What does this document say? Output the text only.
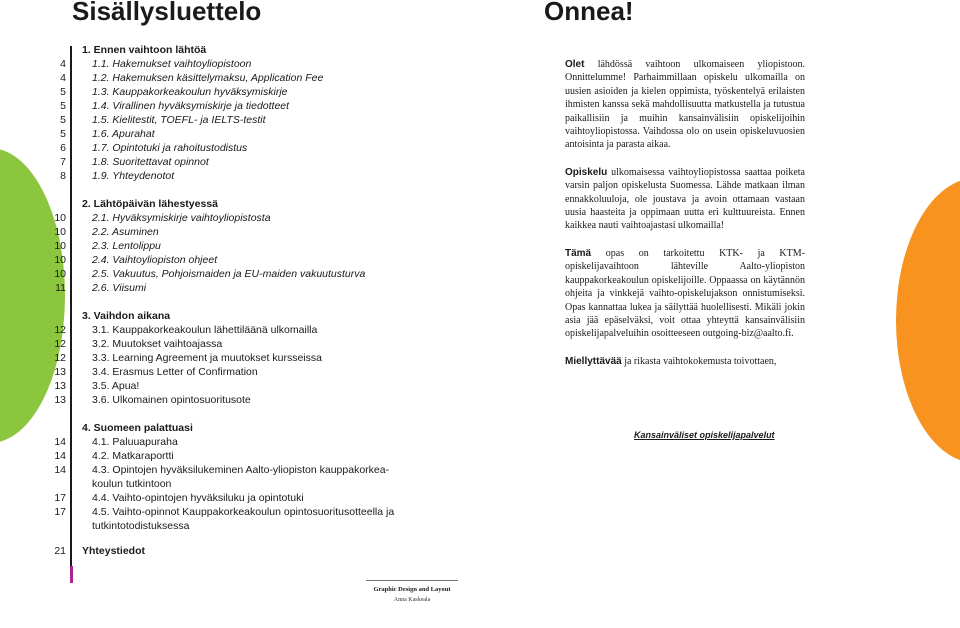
Sisällysluettelo	Onnea!
1. Ennen vaihtoon lähtöä
4 1.1. Hakemukset vaihtoyliopistoon
4 1.2. Hakemuksen käsittelymaksu, Application Fee
5 1.3. Kauppakorkeakoulun hyväksymiskirje
5 1.4. Virallinen hyväksymiskirje ja tiedotteet
5 1.5. Kielitestit, TOEFL- ja IELTS-testit
5 1.6. Apurahat
6 1.7. Opintotuki ja rahoitustodistus
7 1.8. Suoritettavat opinnot
8 1.9. Yhteydenotot
2. Lähtöpäivän lähestyessä
10 2.1. Hyväksymiskirje vaihtoyliopistosta
10 2.2. Asuminen
10 2.3. Lentolippu
10 2.4. Vaihtoyliopiston ohjeet
10 2.5. Vakuutus, Pohjoismaiden ja EU-maiden vakuutusturva
11 2.6. Viisumi
3. Vaihdon aikana
12 3.1. Kauppakorkeakoulun lähettiläänä ulkomailla
12 3.2. Muutokset vaihtoajassa
12 3.3. Learning Agreement ja muutokset kursseissa
13 3.4. Erasmus Letter of Confirmation
13 3.5. Apua!
13 3.6. Ulkomainen opintosuoritusote
4. Suomeen palattuasi
14 4.1. Paluuapuraha
14 4.2. Matkaraportti
14 4.3. Opintojen hyväksilukeminen Aalto-yliopiston kauppakorkea-
koulun tutkintoon
17 4.4. Vaihto-opintojen hyväksiluku ja opintotuki
17 4.5. Vaihto-opinnot Kauppakorkeakoulun opintosuoritusotteella ja
tutkintotodistuksessa
21 Yhteystiedot

Olet lähdössä vaihtoon ulkomaiseen yliopistoon. Onnittelumme! Parhaimmillaan opiskelu ulkomailla on uusien asioiden ja kielen oppimista, työskentelyä erilaisten ihmisten kanssa sekä mahdollisuutta matkustella ja tutustua paikallisiin ja muihin kansainvälisiin opiskelijoihin vaihtoyliopistossa. Vaihdossa olo on usein opiskeluvuosien antoisinta ja parasta aikaa.

Opiskelu ulkomaisessa vaihtoyliopistossa saattaa poiketa varsin paljon opiskelusta Suomessa. Lähde matkaan ilman ennakkoluuloja, ole joustava ja avoin ottamaan vastaan uusia haasteita ja oppimaan uutta eri kulttuureista. Ennen kaikkea nauti vaihtoajastasi ulkomailla!

Tämä opas on tarkoitettu KTK- ja KTM-opiskelijavaihtoon lähteville Aalto-yliopiston kauppakorkeakoulun opiskelijoille. Oppaassa on käytännön ohjeita ja vinkkejä vaihto-opiskelujakson onnistumiseksi. Opas kannattaa lukea ja säilyttää huolellisesti. Mikäli jokin asia jää epäselväksi, voit ottaa yhteyttä kansainvälisiin opiskelijapalveluihin osoitteeseen outgoing-biz@aalto.fi.

Miellyttävää ja rikasta vaihtokokemusta toivottaen,

Kansainväliset opiskelijapalvelut
Graphic Design and Layout
Anna Kaskeala
